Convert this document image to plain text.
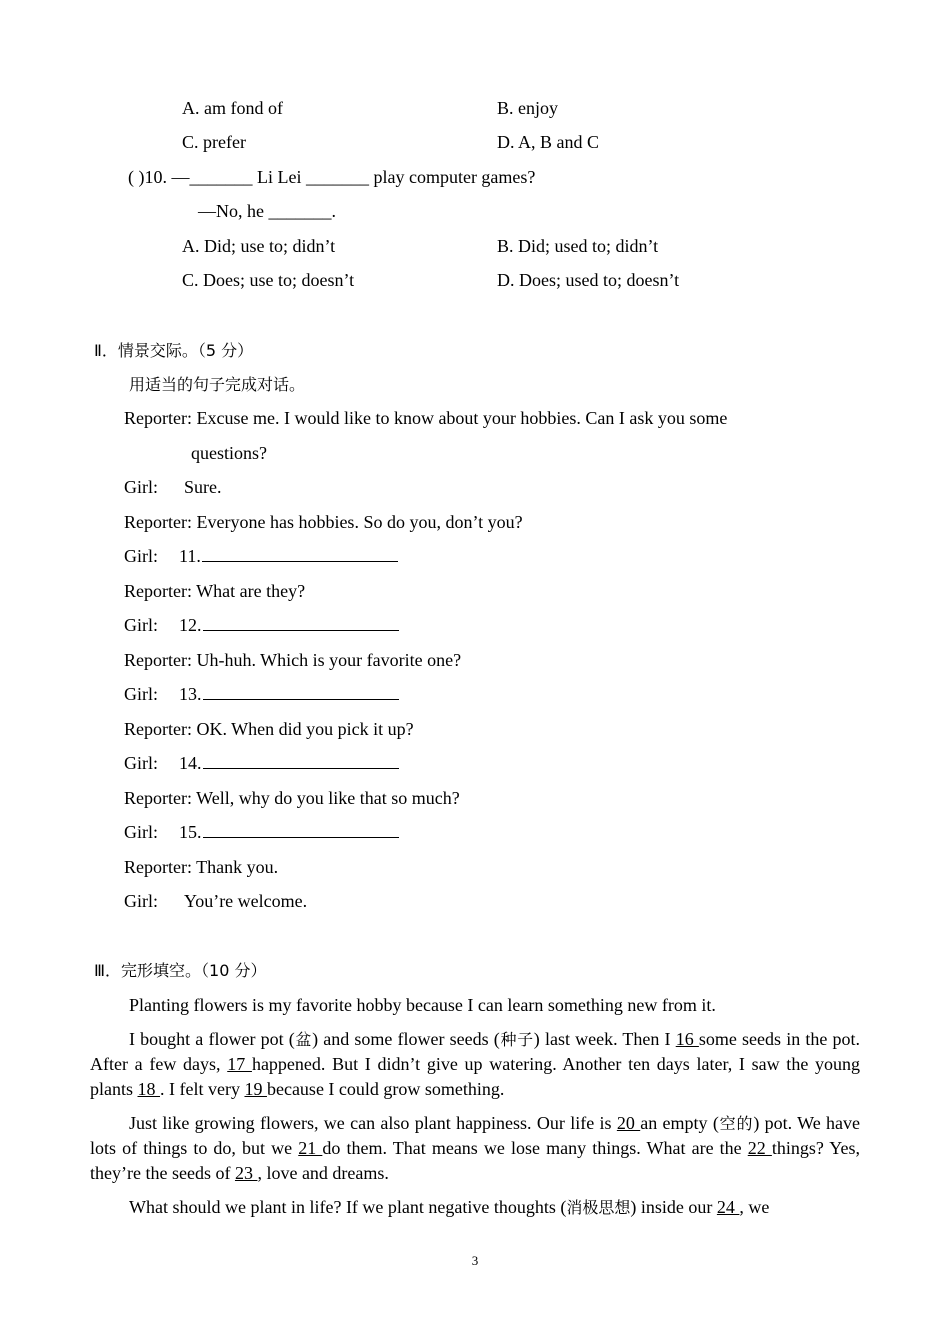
A. am fond of	B. enjoy
C. prefer	D. A, B and C
( )10. —_______ Li Lei _______ play computer games?
—No, he _______.
A. Did; use to; didn’t	B. Did; used to; didn’t
C. Does; use to; doesn’t	D. Does; used to; doesn’t
Ⅱ．情景交际。（5 分）
用适当的句子完成对话。
Reporter: Excuse me. I would like to know about your hobbies. Can I ask you some
questions?
Girl: Sure.
Reporter: Everyone has hobbies. So do you, don’t you?
Girl: 11.
Reporter: What are they?
Girl: 12.
Reporter: Uh-huh. Which is your favorite one?
Girl: 13.
Reporter: OK. When did you pick it up?
Girl: 14.
Reporter: Well, why do you like that so much?
Girl: 15.
Reporter: Thank you.
Girl: You’re welcome.
Ⅲ．完形填空。（10 分）
Planting flowers is my favorite hobby because I can learn something new from it.
I bought a flower pot (盆) and some flower seeds (种子) last week. Then I 16 some seeds in the pot. After a few days, 17 happened. But I didn’t give up watering. Another ten days later, I saw the young plants 18 . I felt very 19 because I could grow something.
Just like growing flowers, we can also plant happiness. Our life is 20 an empty (空的) pot. We have lots of things to do, but we 21 do them. That means we lose many things. What are the 22 things? Yes, they’re the seeds of 23 , love and dreams.
What should we plant in life? If we plant negative thoughts (消极思想) inside our 24 , we
3
